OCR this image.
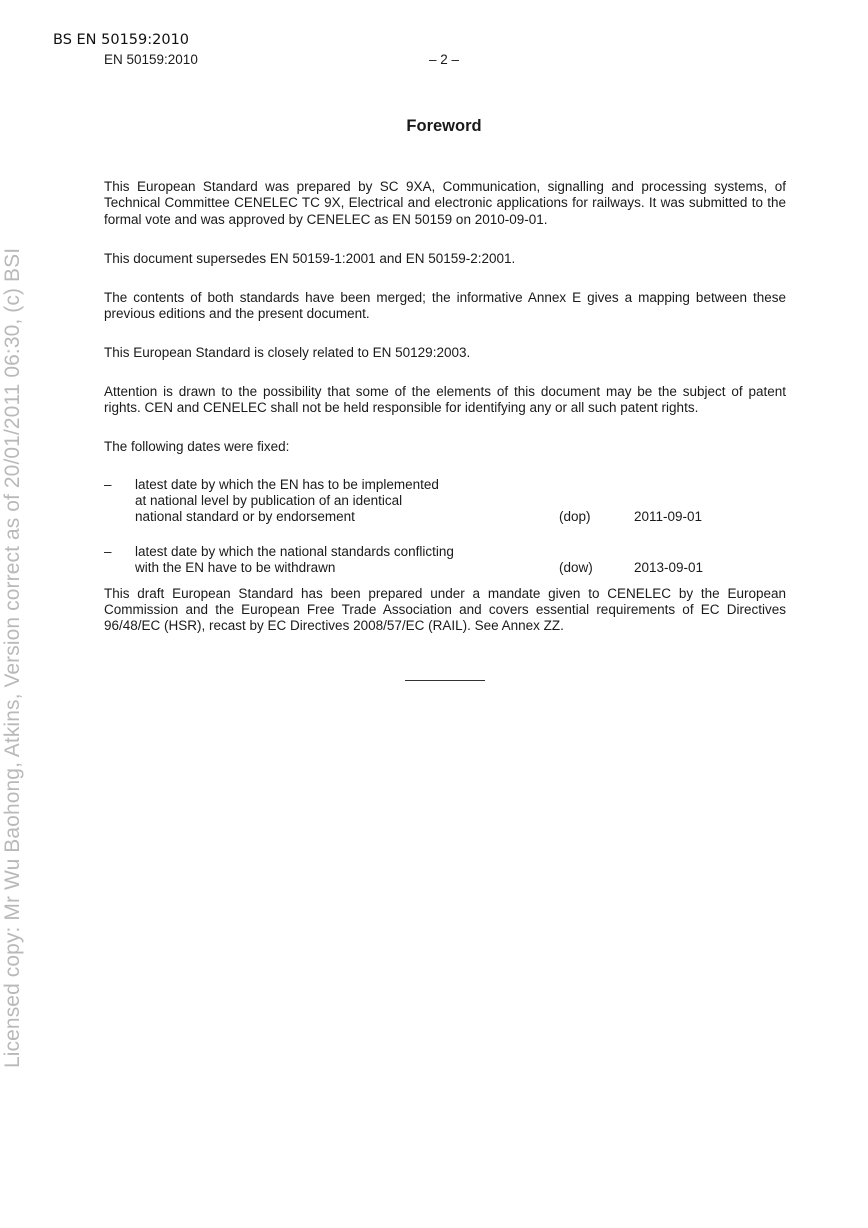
BS EN 50159:2010
EN 50159:2010	– 2 –
Foreword

This European Standard was prepared by SC 9XA, Communication, signalling and processing systems, of Technical Committee CENELEC TC 9X, Electrical and electronic applications for railways. It was submitted to the formal vote and was approved by CENELEC as EN 50159 on 2010-09-01.

This document supersedes EN 50159-1:2001 and EN 50159-2:2001.

The contents of both standards have been merged; the informative Annex E gives a mapping between these previous editions and the present document.

This European Standard is closely related to EN 50129:2003.

Attention is drawn to the possibility that some of the elements of this document may be the subject of patent rights. CEN and CENELEC shall not be held responsible for identifying any or all such patent rights.

The following dates were fixed:

– latest date by which the EN has to be implemented
at national level by publication of an identical
national standard or by endorsement	(dop)	2011-09-01
– latest date by which the national standards conflicting
with the EN have to be withdrawn	(dow)	2013-09-01

This draft European Standard has been prepared under a mandate given to CENELEC by the European Commission and the European Free Trade Association and covers essential requirements of EC Directives 96/48/EC (HSR), recast by EC Directives 2008/57/EC (RAIL). See Annex ZZ.

Licensed copy: Mr Wu Baohong, Atkins, Version correct as of 20/01/2011 06:30, (c) BSI
